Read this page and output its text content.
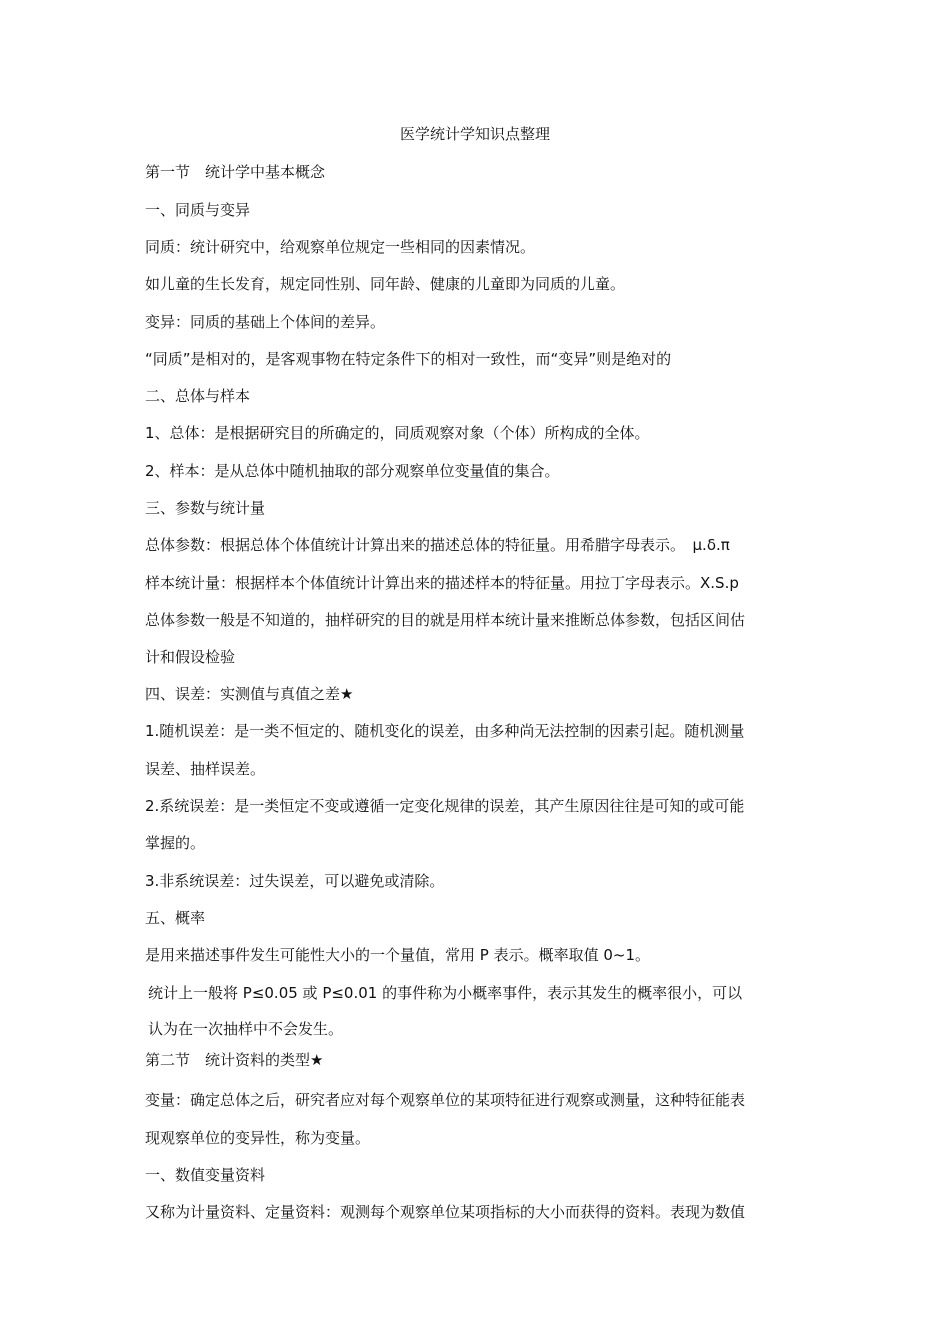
医学统计学知识点整理
第一节　统计学中基本概念
一、同质与变异
同质：统计研究中，给观察单位规定一些相同的因素情况。
如儿童的生长发育，规定同性别、同年龄、健康的儿童即为同质的儿童。
变异：同质的基础上个体间的差异。
“同质”是相对的，是客观事物在特定条件下的相对一致性，而“变异”则是绝对的
二、总体与样本
1、总体：是根据研究目的所确定的，同质观察对象（个体）所构成的全体。
2、样本：是从总体中随机抽取的部分观察单位变量值的集合。
三、参数与统计量
总体参数：根据总体个体值统计计算出来的描述总体的特征量。用希腊字母表示。　μ.δ.π
样本统计量：根据样本个体值统计计算出来的描述样本的特征量。用拉丁字母表示。X.S.p
总体参数一般是不知道的，抽样研究的目的就是用样本统计量来推断总体参数，包括区间估
计和假设检验
四、误差：实测值与真值之差★
1.随机误差：是一类不恒定的、随机变化的误差，由多种尚无法控制的因素引起。随机测量
误差、抽样误差。
2.系统误差：是一类恒定不变或遵循一定变化规律的误差，其产生原因往往是可知的或可能
掌握的。
3.非系统误差：过失误差，可以避免或清除。
五、概率
是用来描述事件发生可能性大小的一个量值，常用 P 表示。概率取值 0~1。
统计上一般将 P≤0.05 或 P≤0.01 的事件称为小概率事件，表示其发生的概率很小，可以
认为在一次抽样中不会发生。
第二节　统计资料的类型★
变量：确定总体之后，研究者应对每个观察单位的某项特征进行观察或测量，这种特征能表
现观察单位的变异性，称为变量。
一、数值变量资料
又称为计量资料、定量资料：观测每个观察单位某项指标的大小而获得的资料。表现为数值
